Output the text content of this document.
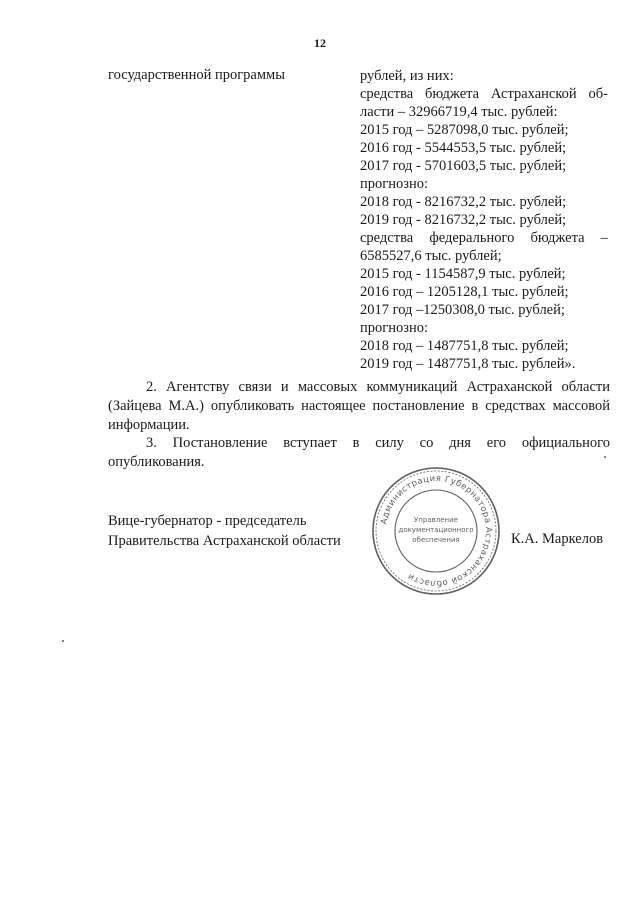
12
государственной программы	рублей, из них:
средства бюджета Астраханской об-
ласти – 32966719,4 тыс. рублей:
2015 год – 5287098,0 тыс. рублей;
2016 год - 5544553,5 тыс. рублей;
2017 год - 5701603,5 тыс. рублей;
прогнозно:
2018 год - 8216732,2 тыс. рублей;
2019 год - 8216732,2 тыс. рублей;
средства федерального бюджета –
6585527,6 тыс. рублей;
2015 год - 1154587,9 тыс. рублей;
2016 год – 1205128,1 тыс. рублей;
2017 год –1250308,0 тыс. рублей;
прогнозно:
2018 год – 1487751,8 тыс. рублей;
2019 год – 1487751,8 тыс. рублей».
2. Агентству связи и массовых коммуникаций Астраханской области (Зайцева М.А.) опубликовать настоящее постановление в средствах массовой информации.
3. Постановление вступает в силу со дня его официального опубликования.
Вице-губернатор - председатель
Правительства Астраханской области
Администрация Губернатора Астраханской области
Управление
документационного
обеспечения	К.А. Маркелов
